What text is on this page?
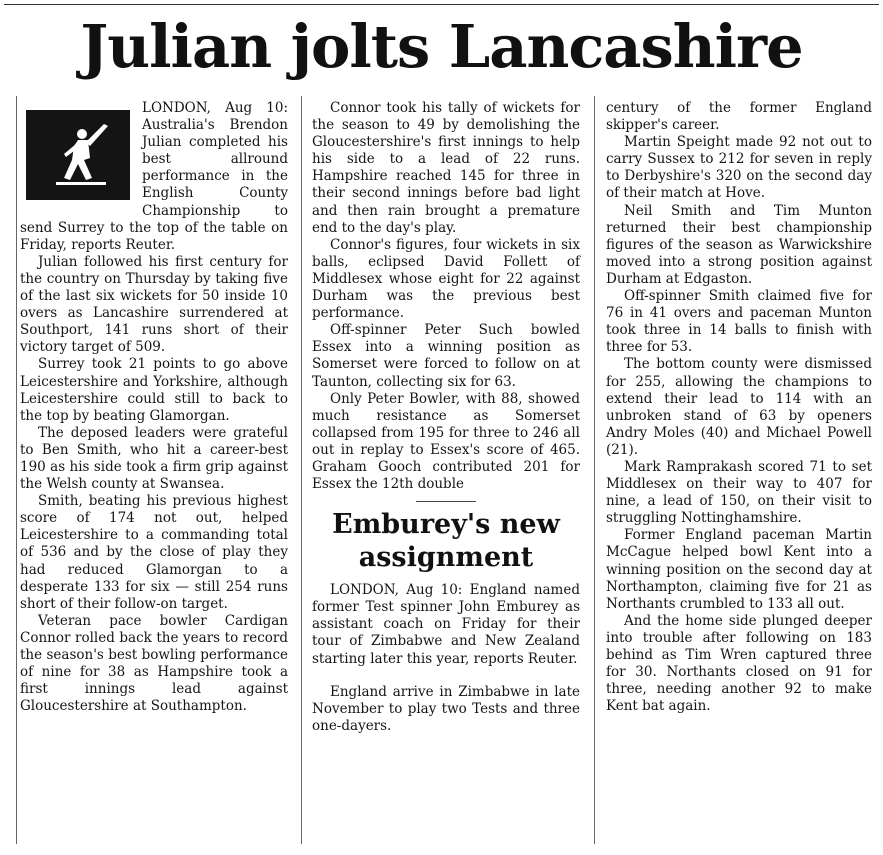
Julian jolts Lancashire

LONDON, Aug 10: Australia's Brendon Julian completed his best allround performance in the English County Championship to send Surrey to the top of the table on Friday, reports Reuter.

Julian followed his first century for the country on Thursday by taking five of the last six wickets for 50 inside 10 overs as Lancashire surrendered at Southport, 141 runs short of their victory target of 509.

Surrey took 21 points to go above Leicestershire and Yorkshire, although Leicestershire could still to back to the top by beating Glamorgan.

The deposed leaders were grateful to Ben Smith, who hit a career-best 190 as his side took a firm grip against the Welsh county at Swansea.

Smith, beating his previous highest score of 174 not out, helped Leicestershire to a commanding total of 536 and by the close of play they had reduced Glamorgan to a desperate 133 for six — still 254 runs short of their follow-on target.

Veteran pace bowler Cardigan Connor rolled back the years to record the season's best bowling performance of nine for 38 as Hampshire took a first innings lead against Gloucestershire at Southampton.

Connor took his tally of wickets for the season to 49 by demolishing the Gloucestershire's first innings to help his side to a lead of 22 runs. Hampshire reached 145 for three in their second innings before bad light and then rain brought a premature end to the day's play.

Connor's figures, four wickets in six balls, eclipsed David Follett of Middlesex whose eight for 22 against Durham was the previous best performance.

Off-spinner Peter Such bowled Essex into a winning position as Somerset were forced to follow on at Taunton, collecting six for 63.

Only Peter Bowler, with 88, showed much resistance as Somerset collapsed from 195 for three to 246 all out in replay to Essex's score of 465. Graham Gooch contributed 201 for Essex the 12th double

Emburey's new assignment

LONDON, Aug 10: England named former Test spinner John Emburey as assistant coach on Friday for their tour of Zimbabwe and New Zealand starting later this year, reports Reuter.

England arrive in Zimbabwe in late November to play two Tests and three one-dayers.

century of the former England skipper's career.

Martin Speight made 92 not out to carry Sussex to 212 for seven in reply to Derbyshire's 320 on the second day of their match at Hove.

Neil Smith and Tim Munton returned their best championship figures of the season as Warwickshire moved into a strong position against Durham at Edgaston.

Off-spinner Smith claimed five for 76 in 41 overs and paceman Munton took three in 14 balls to finish with three for 53.

The bottom county were dismissed for 255, allowing the champions to extend their lead to 114 with an unbroken stand of 63 by openers Andry Moles (40) and Michael Powell (21).

Mark Ramprakash scored 71 to set Middlesex on their way to 407 for nine, a lead of 150, on their visit to struggling Nottinghamshire.

Former England paceman Martin McCague helped bowl Kent into a winning position on the second day at Northampton, claiming five for 21 as Northants crumbled to 133 all out.

And the home side plunged deeper into trouble after following on 183 behind as Tim Wren captured three for 30. Northants closed on 91 for three, needing another 92 to make Kent bat again.
